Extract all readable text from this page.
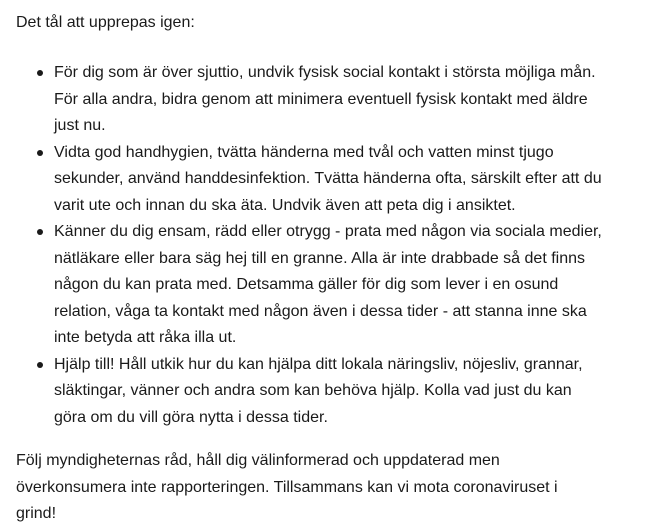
Det tål att upprepas igen:

För dig som är över sjuttio, undvik fysisk social kontakt i största möjliga mån.
För alla andra, bidra genom att minimera eventuell fysisk kontakt med äldre
just nu.
Vidta god handhygien, tvätta händerna med tvål och vatten minst tjugo
sekunder, använd handdesinfektion. Tvätta händerna ofta, särskilt efter att du
varit ute och innan du ska äta. Undvik även att peta dig i ansiktet.
Känner du dig ensam, rädd eller otrygg - prata med någon via sociala medier,
nätläkare eller bara säg hej till en granne. Alla är inte drabbade så det finns
någon du kan prata med. Detsamma gäller för dig som lever i en osund
relation, våga ta kontakt med någon även i dessa tider - att stanna inne ska
inte betyda att råka illa ut.
Hjälp till! Håll utkik hur du kan hjälpa ditt lokala näringsliv, nöjesliv, grannar,
släktingar, vänner och andra som kan behöva hjälp. Kolla vad just du kan
göra om du vill göra nytta i dessa tider.

Följ myndigheternas råd, håll dig välinformerad och uppdaterad men
överkonsumera inte rapporteringen. Tillsammans kan vi mota coronaviruset i
grind!
